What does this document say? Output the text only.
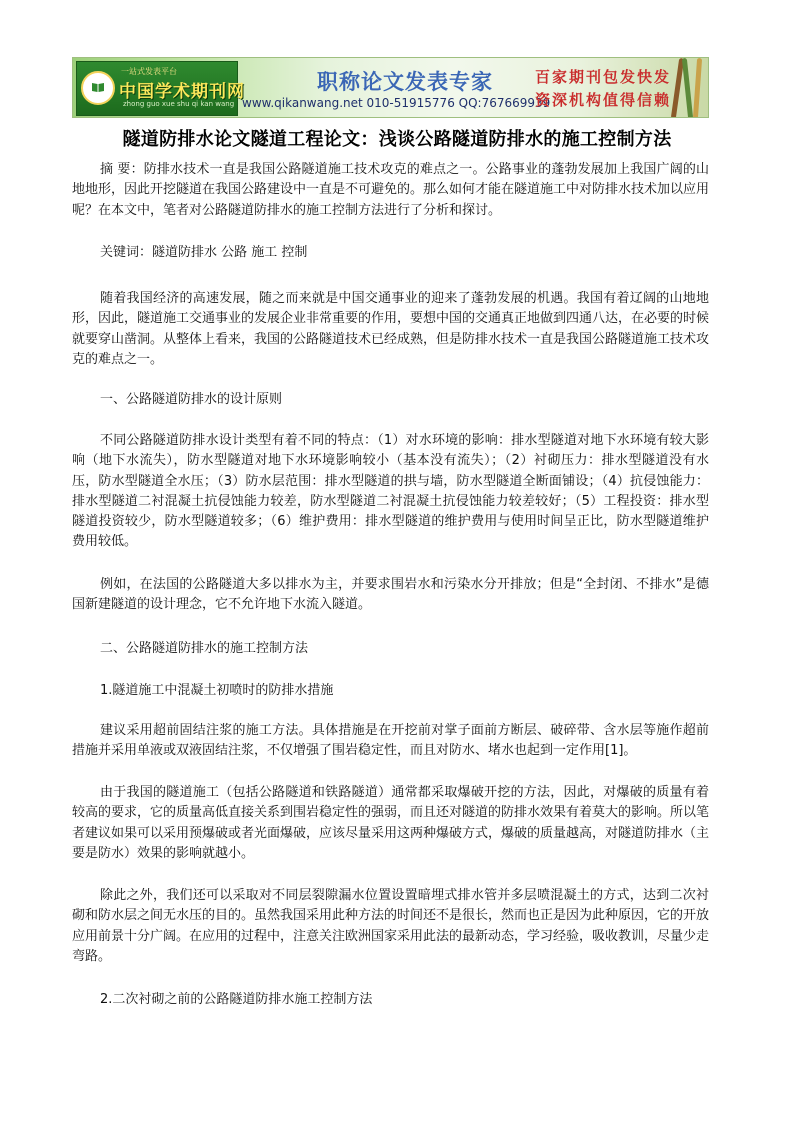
一站式发表平台
中国学术期刊网
zhong guo xue shu qi kan wang
职称论文发表专家
www.qikanwang.net 010-51915776 QQ:767669939
百家期刊包发快发
资深机构值得信赖
隧道防排水论文隧道工程论文：浅谈公路隧道防排水的施工控制方法

摘 要：防排水技术一直是我国公路隧道施工技术攻克的难点之一。公路事业的蓬勃发展加上我国广阔的山地地形，因此开挖隧道在我国公路建设中一直是不可避免的。那么如何才能在隧道施工中对防排水技术加以应用呢？在本文中，笔者对公路隧道防排水的施工控制方法进行了分析和探讨。

关键词：隧道防排水 公路 施工 控制

随着我国经济的高速发展，随之而来就是中国交通事业的迎来了蓬勃发展的机遇。我国有着辽阔的山地地形，因此，隧道施工交通事业的发展企业非常重要的作用，要想中国的交通真正地做到四通八达，在必要的时候就要穿山凿洞。从整体上看来，我国的公路隧道技术已经成熟，但是防排水技术一直是我国公路隧道施工技术攻克的难点之一。

一、公路隧道防排水的设计原则

不同公路隧道防排水设计类型有着不同的特点：（1）对水环境的影响：排水型隧道对地下水环境有较大影响（地下水流失），防水型隧道对地下水环境影响较小（基本没有流失）；（2）衬砌压力：排水型隧道没有水压，防水型隧道全水压；（3）防水层范围：排水型隧道的拱与墙，防水型隧道全断面铺设；（4）抗侵蚀能力：排水型隧道二衬混凝土抗侵蚀能力较差，防水型隧道二衬混凝土抗侵蚀能力较差较好；（5）工程投资：排水型隧道投资较少，防水型隧道较多；（6）维护费用：排水型隧道的维护费用与使用时间呈正比，防水型隧道维护费用较低。

例如，在法国的公路隧道大多以排水为主，并要求围岩水和污染水分开排放；但是“全封闭、不排水”是德国新建隧道的设计理念，它不允许地下水流入隧道。

二、公路隧道防排水的施工控制方法

1.隧道施工中混凝土初喷时的防排水措施

建议采用超前固结注浆的施工方法。具体措施是在开挖前对掌子面前方断层、破碎带、含水层等施作超前措施并采用单液或双液固结注浆，不仅增强了围岩稳定性，而且对防水、堵水也起到一定作用[1]。

由于我国的隧道施工（包括公路隧道和铁路隧道）通常都采取爆破开挖的方法，因此，对爆破的质量有着较高的要求，它的质量高低直接关系到围岩稳定性的强弱，而且还对隧道的防排水效果有着莫大的影响。所以笔者建议如果可以采用预爆破或者光面爆破，应该尽量采用这两种爆破方式，爆破的质量越高，对隧道防排水（主要是防水）效果的影响就越小。

除此之外，我们还可以采取对不同层裂隙漏水位置设置暗埋式排水管并多层喷混凝土的方式，达到二次衬砌和防水层之间无水压的目的。虽然我国采用此种方法的时间还不是很长，然而也正是因为此种原因，它的开放应用前景十分广阔。在应用的过程中，注意关注欧洲国家采用此法的最新动态，学习经验，吸收教训，尽量少走弯路。

2.二次衬砌之前的公路隧道防排水施工控制方法
